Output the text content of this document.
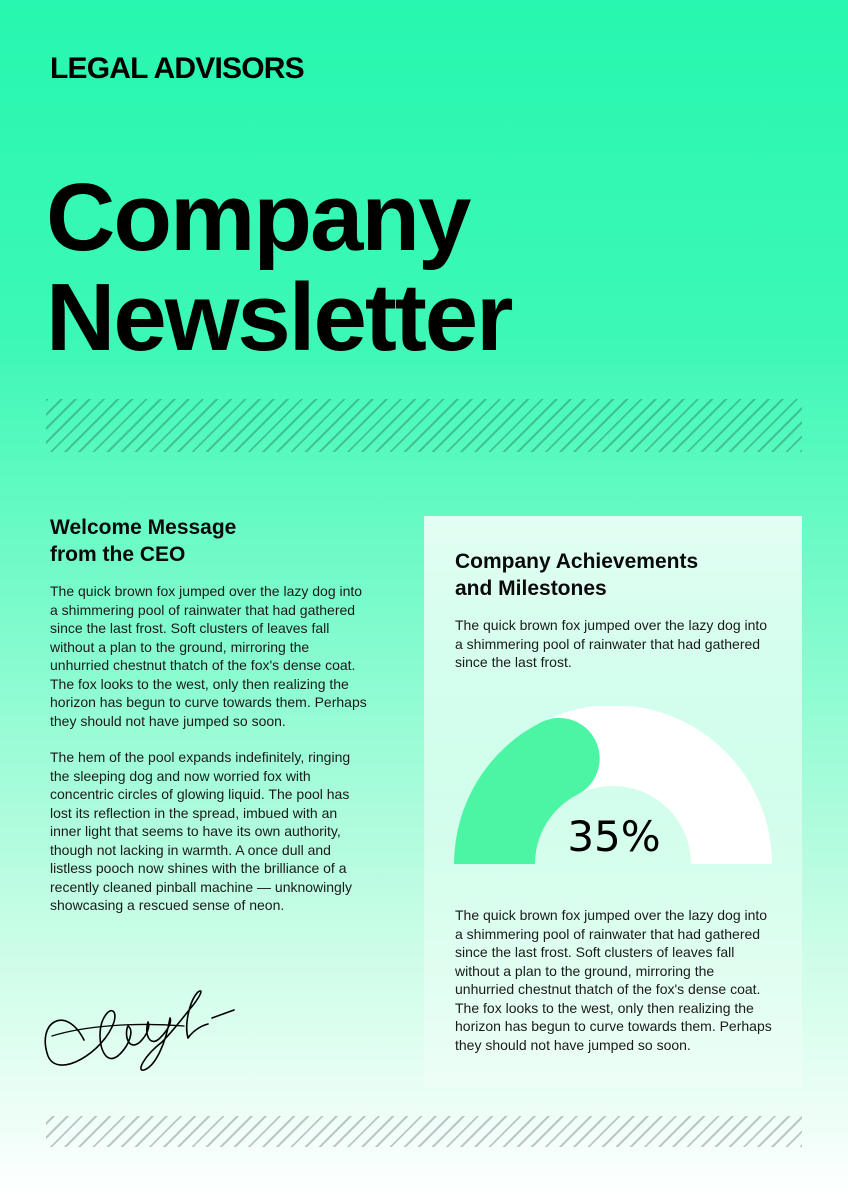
LEGAL ADVISORS
Company
Newsletter
Welcome Message
from the CEO

The quick brown fox jumped over the lazy dog into a shimmering pool of rainwater that had gathered since the last frost. Soft clusters of leaves fall without a plan to the ground, mirroring the unhurried chestnut thatch of the fox's dense coat. The fox looks to the west, only then realizing the horizon has begun to curve towards them. Perhaps they should not have jumped so soon.

The hem of the pool expands indefinitely, ringing the sleeping dog and now worried fox with concentric circles of glowing liquid. The pool has lost its reflection in the spread, imbued with an inner light that seems to have its own authority, though not lacking in warmth. A once dull and listless pooch now shines with the brilliance of a recently cleaned pinball machine — unknowingly showcasing a rescued sense of neon.

Company Achievements
and Milestones

The quick brown fox jumped over the lazy dog into a shimmering pool of rainwater that had gathered since the last frost.

35%

The quick brown fox jumped over the lazy dog into a shimmering pool of rainwater that had gathered since the last frost. Soft clusters of leaves fall without a plan to the ground, mirroring the unhurried chestnut thatch of the fox's dense coat. The fox looks to the west, only then realizing the horizon has begun to curve towards them. Perhaps they should not have jumped so soon.
